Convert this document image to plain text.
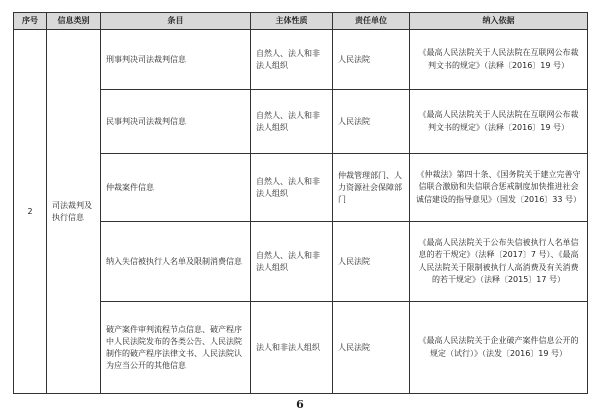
序号	信息类别	条目	主体性质	责任单位	纳入依据
2	司法裁判及执行信息	刑事判决司法裁判信息	自然人、法人和非法人组织	人民法院	《最高人民法院关于人民法院在互联网公布裁判文书的规定》（法释〔2016〕19 号）
		民事判决司法裁判信息	自然人、法人和非法人组织	人民法院	《最高人民法院关于人民法院在互联网公布裁判文书的规定》（法释〔2016〕19 号）
		仲裁案件信息	自然人、法人和非法人组织	仲裁管理部门、人力资源社会保障部门	《仲裁法》第四十条、《国务院关于建立完善守信联合激励和失信联合惩戒制度加快推进社会诚信建设的指导意见》（国发〔2016〕33 号）
		纳入失信被执行人名单及限制消费信息	自然人、法人和非法人组织	人民法院	《最高人民法院关于公布失信被执行人名单信息的若干规定》（法释〔2017〕7 号）、《最高人民法院关于限制被执行人高消费及有关消费的若干规定》（法释〔2015〕17 号）
		破产案件审判流程节点信息、破产程序中人民法院发布的各类公告、人民法院制作的破产程序法律文书、人民法院认为应当公开的其他信息	法人和非法人组织	人民法院	《最高人民法院关于企业破产案件信息公开的规定（试行）》（法发〔2016〕19 号）
6
